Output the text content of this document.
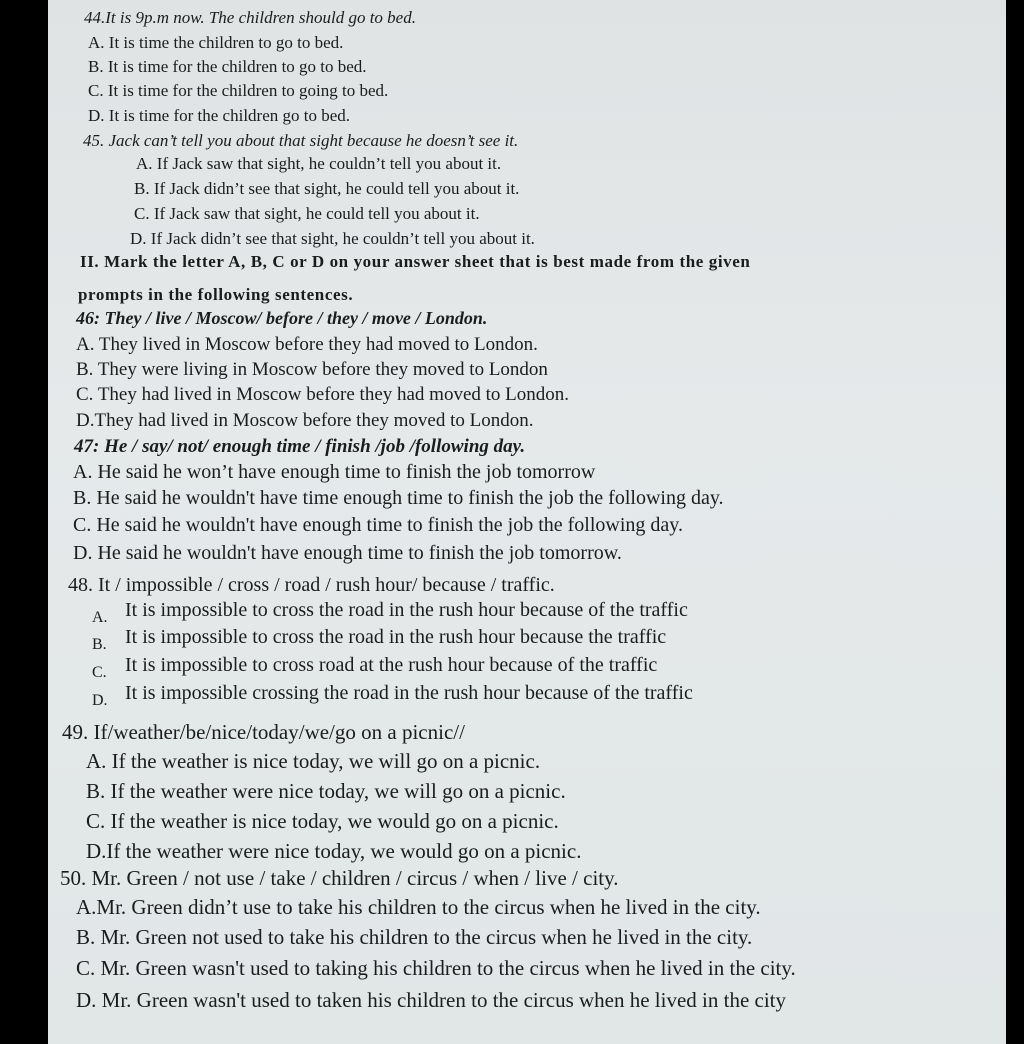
44.It is 9p.m now. The children should go to bed.
A. It is time the children to go to bed.
B. It is time for the children to go to bed.
C. It is time for the children to going to bed.
D. It is time for the children go to bed.
45. Jack can’t tell you about that sight because he doesn’t see it.
A. If Jack saw that sight, he couldn’t tell you about it.
B. If Jack didn’t see that sight, he could tell you about it.
C. If Jack saw that sight, he could tell you about it.
D. If Jack didn’t see that sight, he couldn’t tell you about it.
II. Mark the letter A, B, C or D on your answer sheet that is best made from the given
prompts in the following sentences.
46: They / live / Moscow/ before / they / move / London.
A. They lived in Moscow before they had moved to London.
B. They were living in Moscow before they moved to London
C. They had lived in Moscow before they had moved to London.
D.They had lived in Moscow before they moved to London.
47: He / say/ not/ enough time / finish /job /following day.
A. He said he won’t have enough time to finish the job tomorrow
B. He said he wouldn't have time enough time to finish the job the following day.
C. He said he wouldn't have enough time to finish the job the following day.
D. He said he wouldn't have enough time to finish the job tomorrow.
48. It / impossible / cross / road / rush hour/ because / traffic.
A. It is impossible to cross the road in the rush hour because of the traffic
B. It is impossible to cross the road in the rush hour because the traffic
C. It is impossible to cross road at the rush hour because of the traffic
D. It is impossible crossing the road in the rush hour because of the traffic
49. If/weather/be/nice/today/we/go on a picnic//
A. If the weather is nice today, we will go on a picnic.
B. If the weather were nice today, we will go on a picnic.
C. If the weather is nice today, we would go on a picnic.
D.If the weather were nice today, we would go on a picnic.
50. Mr. Green / not use / take / children / circus / when / live / city.
A.Mr. Green didn’t use to take his children to the circus when he lived in the city.
B. Mr. Green not used to take his children to the circus when he lived in the city.
C. Mr. Green wasn't used to taking his children to the circus when he lived in the city.
D. Mr. Green wasn't used to taken his children to the circus when he lived in the city
